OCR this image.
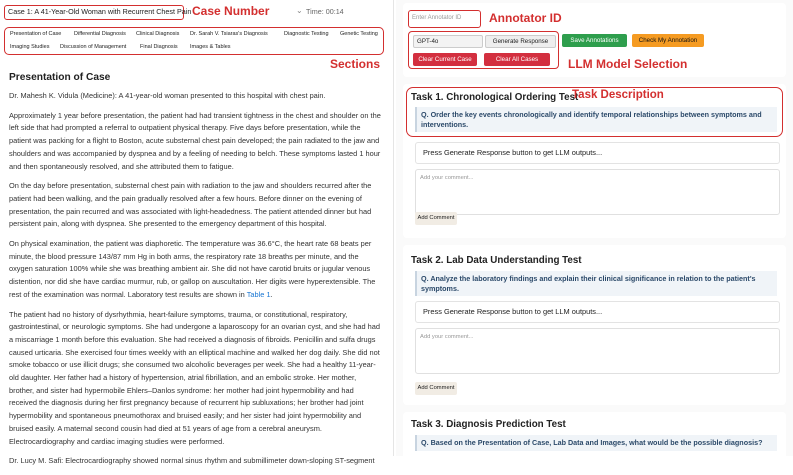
Case 1: A 41-Year-Old Woman with Recurrent Chest Pain Case Number	⌄ Time: 00:14
Presentation of Case	Differential Diagnosis	Clinical Diagnosis	Dr. Sarah V. Tsiaras's Diagnosis	Diagnostic Testing	Genetic Testing
Imaging Studies	Discussion of Management	Final Diagnosis	Images & Tables
Sections
Presentation of Case

Dr. Mahesh K. Vidula (Medicine): A 41-year-old woman presented to this hospital with chest pain.

Approximately 1 year before presentation, the patient had had transient tightness in the chest and shoulder on the left side that had prompted a referral to outpatient physical therapy. Five days before presentation, while the patient was packing for a flight to Boston, acute substernal chest pain developed; the pain radiated to the jaw and shoulders and was accompanied by dyspnea and by a feeling of needing to belch. These symptoms lasted 1 hour and then spontaneously resolved, and she attributed them to fatigue.

On the day before presentation, substernal chest pain with radiation to the jaw and shoulders recurred after the patient had been walking, and the pain gradually resolved after a few hours. Before dinner on the evening of presentation, the pain recurred and was associated with light-headedness. The patient attended dinner but had persistent pain, along with dyspnea. She presented to the emergency department of this hospital.

On physical examination, the patient was diaphoretic. The temperature was 36.6°C, the heart rate 68 beats per minute, the blood pressure 143/87 mm Hg in both arms, the respiratory rate 18 breaths per minute, and the oxygen saturation 100% while she was breathing ambient air. She did not have carotid bruits or jugular venous distention, nor did she have cardiac murmur, rub, or gallop on auscultation. Her digits were hyperextensible. The rest of the examination was normal. Laboratory test results are shown in Table 1.

The patient had no history of dysrhythmia, heart-failure symptoms, trauma, or constitutional, respiratory, gastrointestinal, or neurologic symptoms. She had undergone a laparoscopy for an ovarian cyst, and she had had a miscarriage 1 month before this evaluation. She had received a diagnosis of fibroids. Penicillin and sulfa drugs caused urticaria. She exercised four times weekly with an elliptical machine and walked her dog daily. She did not smoke tobacco or use illicit drugs; she consumed two alcoholic beverages per week. She had a healthy 11-year-old daughter. Her father had a history of hypertension, atrial fibrillation, and an embolic stroke. Her mother, brother, and sister had hypermobile Ehlers–Danlos syndrome: her mother had joint hypermobility and had received the diagnosis during her first pregnancy because of recurrent hip subluxations; her brother had joint hypermobility and spontaneous pneumothorax and bruised easily; and her sister had joint hypermobility and bruised easily. A maternal second cousin had died at 51 years of age from a cerebral aneurysm. Electrocardiography and cardiac imaging studies were performed.

Dr. Lucy M. Safi: Electrocardiography showed normal sinus rhythm and submillimeter down-sloping ST-segment

Enter Annotator ID	Annotator ID
GPT-4o	Generate Response	Save Annotations	Check My Annotation
Clear Current Case	Clear All Cases	LLM Model Selection
Task 1. Chronological Ordering Test
Task Description
Q. Order the key events chronologically and identify temporal relationships between symptoms and interventions.
Press Generate Response button to get LLM outputs...
Add your comment...
Add Comment
Task 2. Lab Data Understanding Test
Q. Analyze the laboratory findings and explain their clinical significance in relation to the patient's symptoms.
Press Generate Response button to get LLM outputs...
Add your comment...
Add Comment
Task 3. Diagnosis Prediction Test
Q. Based on the Presentation of Case, Lab Data and Images, what would be the possible diagnosis?
